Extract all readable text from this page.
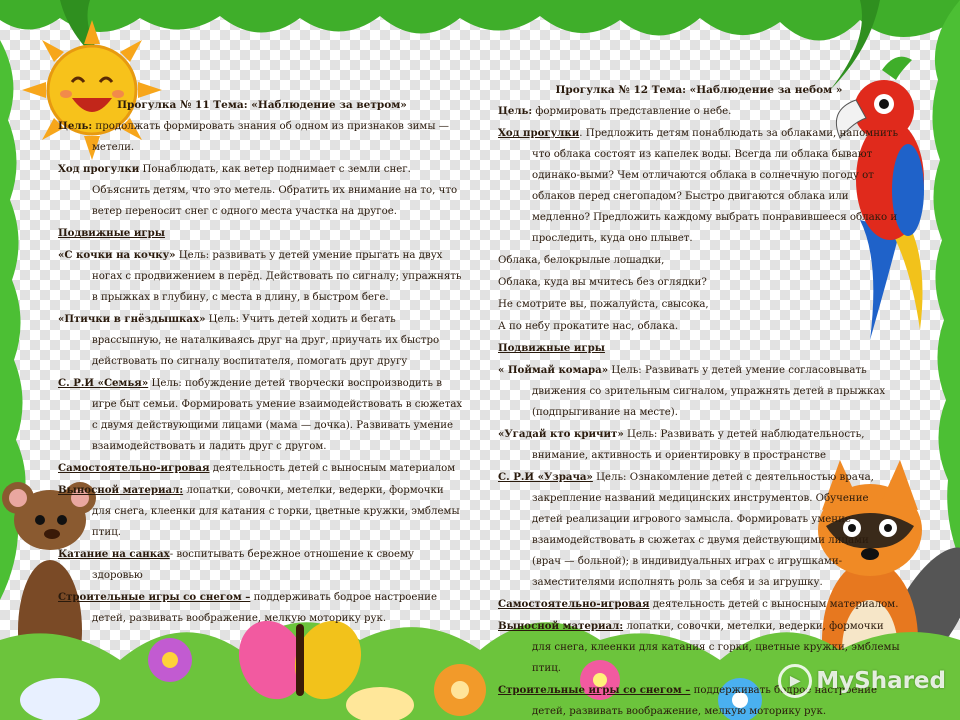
Прогулка № 11 Тема: «Наблюдение за ветром»

Цель: продолжать формировать знания об одном из признаков зимы — метели.

Ход прогулки Понаблюдать, как ветер поднимает с земли снег. Объяснить детям, что это метель. Обратить их внимание на то, что ветер переносит снег с одного места участка на другое.

Подвижные игры

«С кочки на кочку» Цель: развивать у детей умение прыгать на двух ногах с продвижением в перёд. Действовать по сигналу; упражнять в прыжках в глубину, с места в длину, в быстром беге.

«Птички в гнёздышках» Цель: Учить детей ходить и бегать врассыпную, не наталкиваясь друг на друг, приучать их быстро действовать по сигналу воспитателя, помогать друг другу

С. Р.И «Семья» Цель: побуждение детей творчески воспроизводить в игре быт семьи. Формировать умение взаимодействовать в сюжетах с двумя действующими лицами (мама — дочка). Развивать умение взаимодействовать и ладить друг с другом.

Самостоятельно-игровая деятельность детей с выносным материалом

Выносной материал: лопатки, совочки, метелки, ведерки, формочки для снега, клеенки для катания с горки, цветные кружки, эмблемы птиц.

Катание на санках- воспитывать бережное отношение к своему здоровью

Строительные игры со снегом – поддерживать бодрое настроение детей, развивать воображение, мелкую моторику рук.

Прогулка № 12 Тема: «Наблюдение за небом »

Цель: формировать представление о небе.

Ход прогулки. Предложить детям понаблюдать за облаками, напомнить что облака состоят из капелек воды. Всегда ли облака бывают одинако-выми? Чем отличаются облака в солнечную погоду от облаков перед снегопадом? Быстро двигаются облака или медленно? Предложить каждому выбрать понравившееся облако и проследить, куда оно плывет.

Облака, белокрылые лошадки,

Облака, куда вы мчитесь без оглядки?

Не смотрите вы, пожалуйста, свысока,

А по небу прокатите нас, облака.

Подвижные игры

« Поймай комара» Цель: Развивать у детей умение согласовывать движения со зрительным сигналом, упражнять детей в прыжках (подпрыгивание на месте).

«Угадай кто кричит» Цель: Развивать у детей наблюдательность, внимание, активность и ориентировку в пространстве

С. Р.И «Узрача» Цель: Ознакомление детей с деятельностью врача, закрепление названий медицинских инструментов. Обучение детей реализации игрового замысла. Формировать умение взаимодействовать в сюжетах с двумя действующими лицами (врач — больной); в индивидуальных играх с игрушками-заместителями исполнять роль за себя и за игрушку.

Самостоятельно-игровая деятельность детей с выносным материалом.

Выносной материал: лопатки, совочки, метелки, ведерки, формочки для снега, клеенки для катания с горки, цветные кружки, эмблемы птиц.

Строительные игры со снегом – поддерживать бодрое настроение детей, развивать воображение, мелкую моторику рук.

▶ MyShared
